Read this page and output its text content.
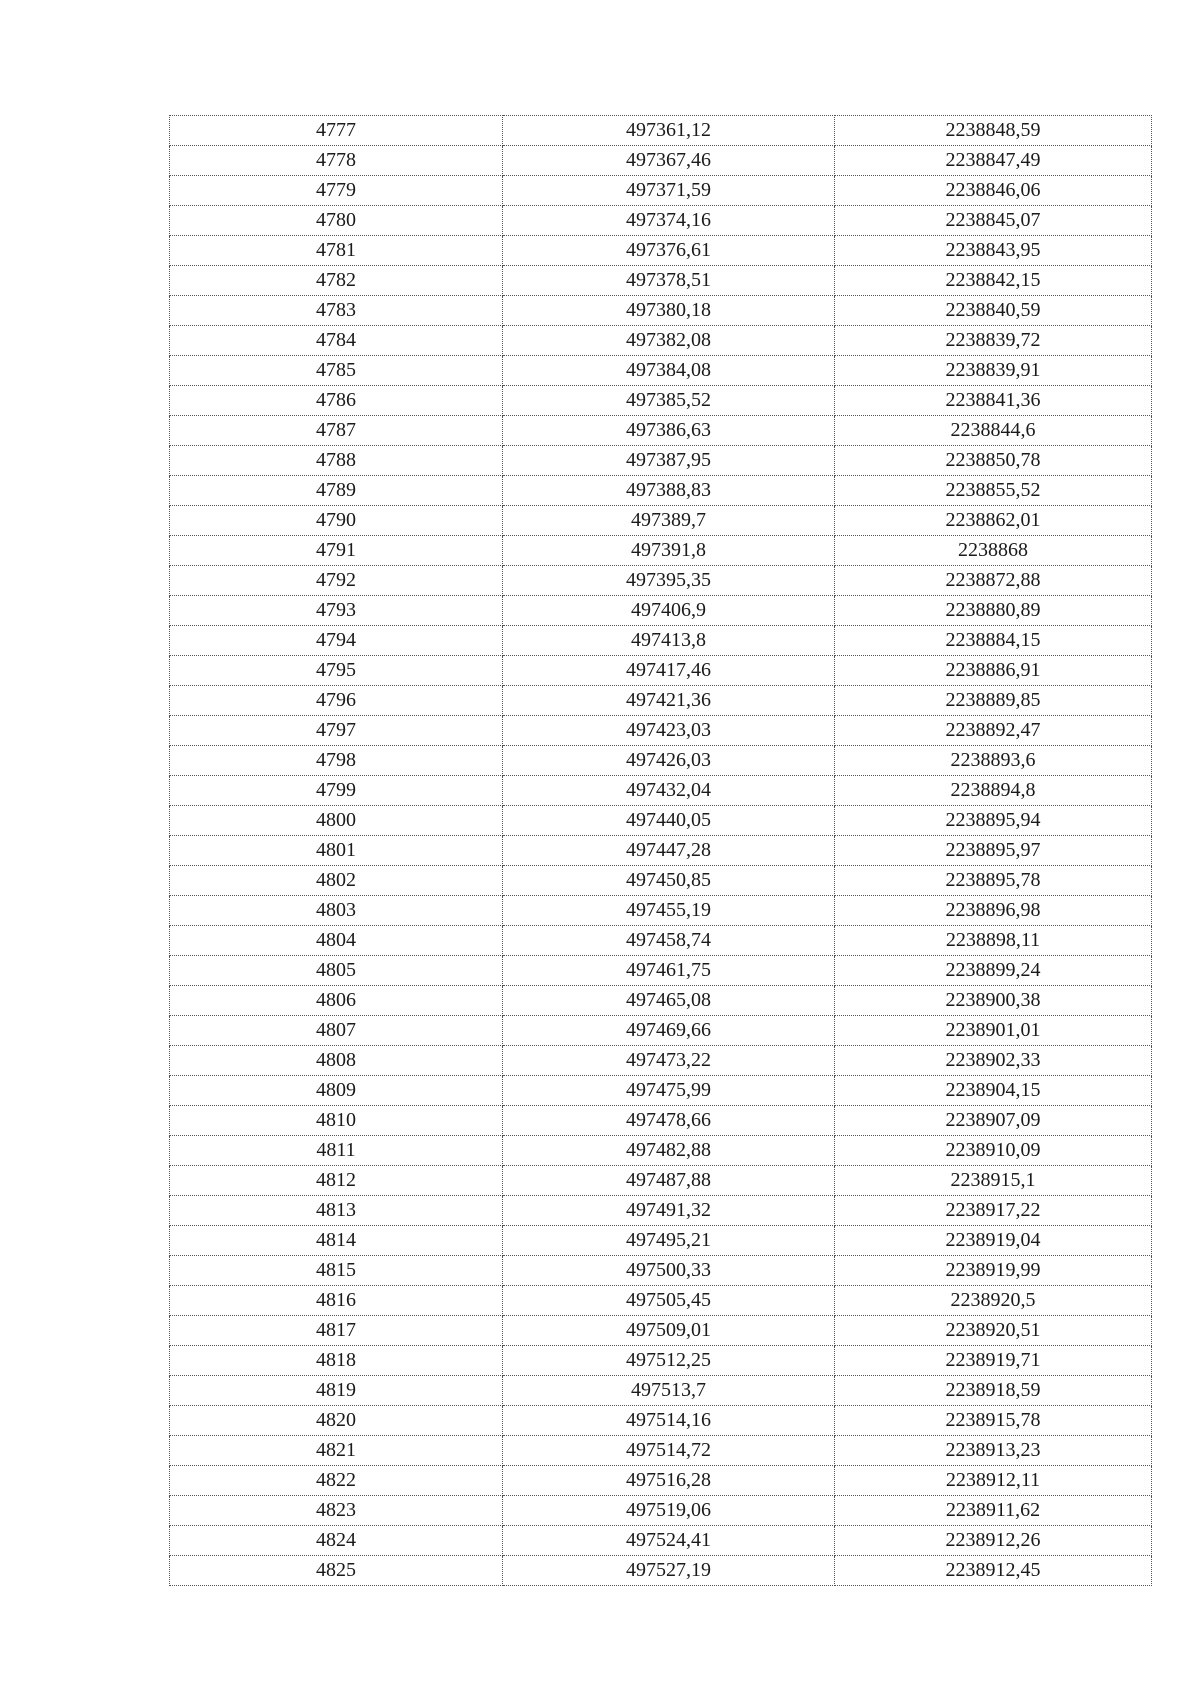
4777	497361,12	2238848,59
4778	497367,46	2238847,49
4779	497371,59	2238846,06
4780	497374,16	2238845,07
4781	497376,61	2238843,95
4782	497378,51	2238842,15
4783	497380,18	2238840,59
4784	497382,08	2238839,72
4785	497384,08	2238839,91
4786	497385,52	2238841,36
4787	497386,63	2238844,6
4788	497387,95	2238850,78
4789	497388,83	2238855,52
4790	497389,7	2238862,01
4791	497391,8	2238868
4792	497395,35	2238872,88
4793	497406,9	2238880,89
4794	497413,8	2238884,15
4795	497417,46	2238886,91
4796	497421,36	2238889,85
4797	497423,03	2238892,47
4798	497426,03	2238893,6
4799	497432,04	2238894,8
4800	497440,05	2238895,94
4801	497447,28	2238895,97
4802	497450,85	2238895,78
4803	497455,19	2238896,98
4804	497458,74	2238898,11
4805	497461,75	2238899,24
4806	497465,08	2238900,38
4807	497469,66	2238901,01
4808	497473,22	2238902,33
4809	497475,99	2238904,15
4810	497478,66	2238907,09
4811	497482,88	2238910,09
4812	497487,88	2238915,1
4813	497491,32	2238917,22
4814	497495,21	2238919,04
4815	497500,33	2238919,99
4816	497505,45	2238920,5
4817	497509,01	2238920,51
4818	497512,25	2238919,71
4819	497513,7	2238918,59
4820	497514,16	2238915,78
4821	497514,72	2238913,23
4822	497516,28	2238912,11
4823	497519,06	2238911,62
4824	497524,41	2238912,26
4825	497527,19	2238912,45
